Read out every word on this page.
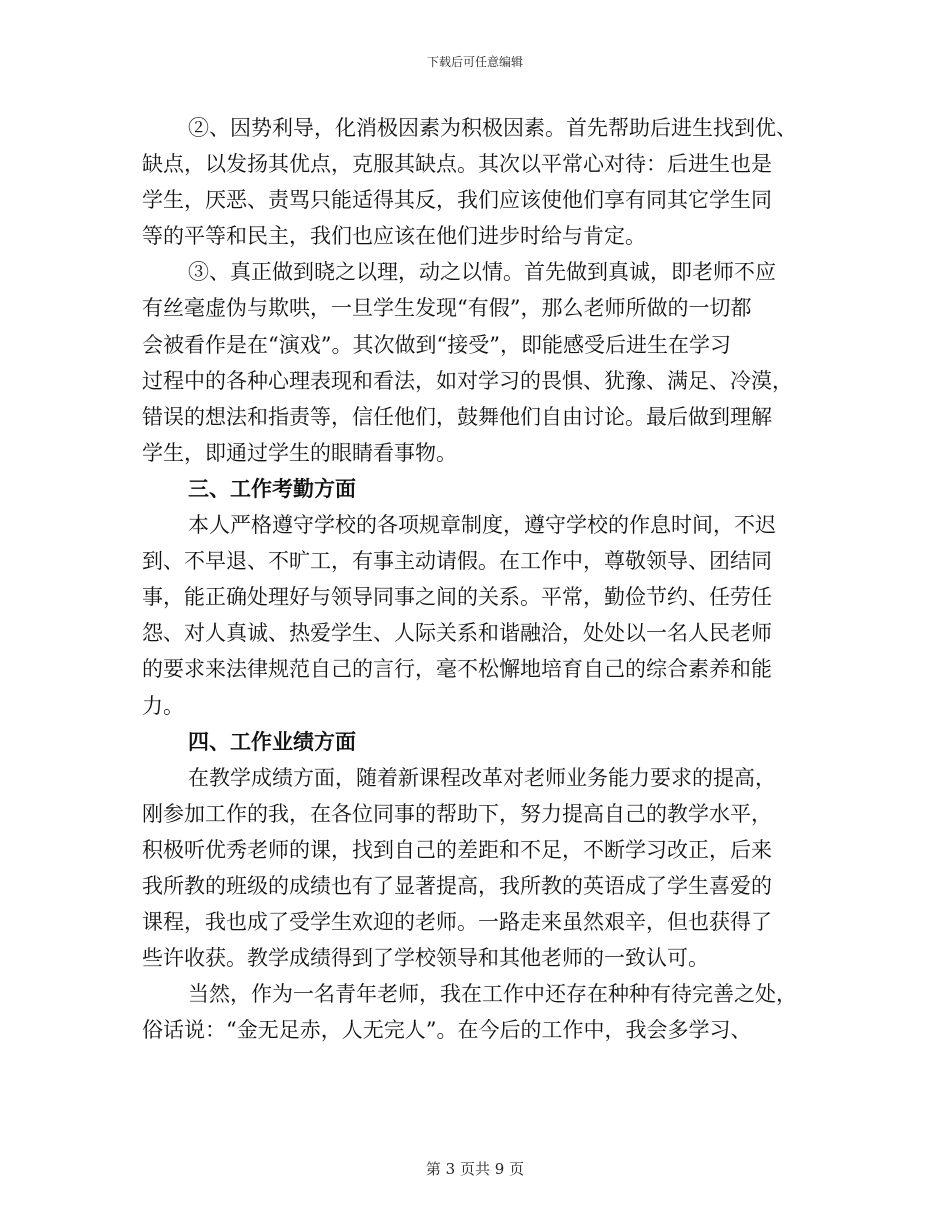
下载后可任意编辑
②、因势利导，化消极因素为积极因素。首先帮助后进生找到优、
缺点，以发扬其优点，克服其缺点。其次以平常心对待：后进生也是
学生，厌恶、责骂只能适得其反，我们应该使他们享有同其它学生同
等的平等和民主，我们也应该在他们进步时给与肯定。
③、真正做到晓之以理，动之以情。首先做到真诚，即老师不应
有丝毫虚伪与欺哄，一旦学生发现“有假”，那么老师所做的一切都
会被看作是在“演戏”。其次做到“接受”，即能感受后进生在学习
过程中的各种心理表现和看法，如对学习的畏惧、犹豫、满足、冷漠，
错误的想法和指责等，信任他们，鼓舞他们自由讨论。最后做到理解
学生，即通过学生的眼睛看事物。
三、工作考勤方面
本人严格遵守学校的各项规章制度，遵守学校的作息时间，不迟
到、不早退、不旷工，有事主动请假。在工作中，尊敬领导、团结同
事，能正确处理好与领导同事之间的关系。平常，勤俭节约、任劳任
怨、对人真诚、热爱学生、人际关系和谐融洽，处处以一名人民老师
的要求来法律规范自己的言行，毫不松懈地培育自己的综合素养和能
力。
四、工作业绩方面
在教学成绩方面，随着新课程改革对老师业务能力要求的提高，
刚参加工作的我，在各位同事的帮助下，努力提高自己的教学水平，
积极听优秀老师的课，找到自己的差距和不足，不断学习改正，后来
我所教的班级的成绩也有了显著提高，我所教的英语成了学生喜爱的
课程，我也成了受学生欢迎的老师。一路走来虽然艰辛，但也获得了
些许收获。教学成绩得到了学校领导和其他老师的一致认可。
当然，作为一名青年老师，我在工作中还存在种种有待完善之处，
俗话说：“金无足赤，人无完人”。在今后的工作中，我会多学习、
第 3 页共 9 页
